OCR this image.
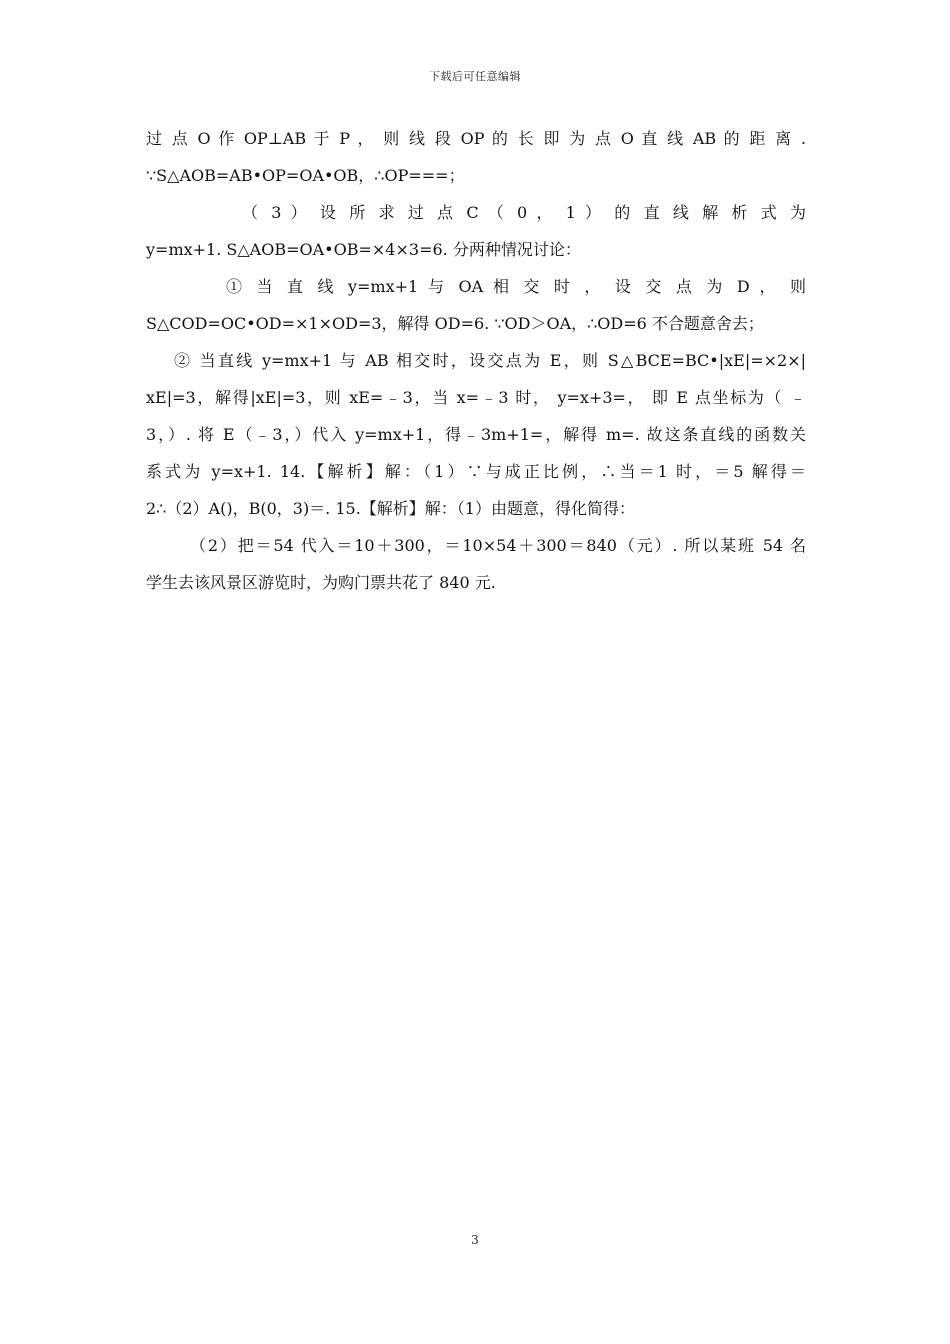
下载后可任意编辑
过 点 O 作 OP⊥AB 于 P ， 则 线 段 OP 的 长 即 为 点 O 直 线 AB 的 距 离 .
∵S△AOB=AB•OP=OA•OB，∴OP===；
（ 3 ） 设 所 求 过 点 C （ 0 ， 1 ） 的 直 线 解 析 式 为
y=mx+1. S△AOB=OA•OB=×4×3=6. 分两种情况讨论：
① 当 直 线 y=mx+1 与 OA 相 交 时 ， 设 交 点 为 D ， 则
S△COD=OC•OD=×1×OD=3，解得 OD=6. ∵OD＞OA，∴OD=6 不合题意舍去；
② 当直线 y=mx+1 与 AB 相交时，设交点为 E，则 S△BCE=BC•|xE|=×2×|
xE|=3，解得|xE|=3，则 xE=﹣3，当 x=﹣3 时， y=x+3=， 即 E 点坐标为（ ﹣
3，）. 将 E（﹣3，）代入 y=mx+1，得﹣3m+1=，解得 m=. 故这条直线的函数关
系式为 y=x+1. 14.【解析】解：（1）∵与成正比例，∴当＝1 时，＝5 解得＝
2∴（2）A()，B(0，3)＝. 15.【解析】解：（1）由题意，得化简得：
（2）把＝54 代入＝10＋300，＝10×54＋300＝840（元）. 所以某班 54 名
学生去该风景区游览时，为购门票共花了 840 元.
3
